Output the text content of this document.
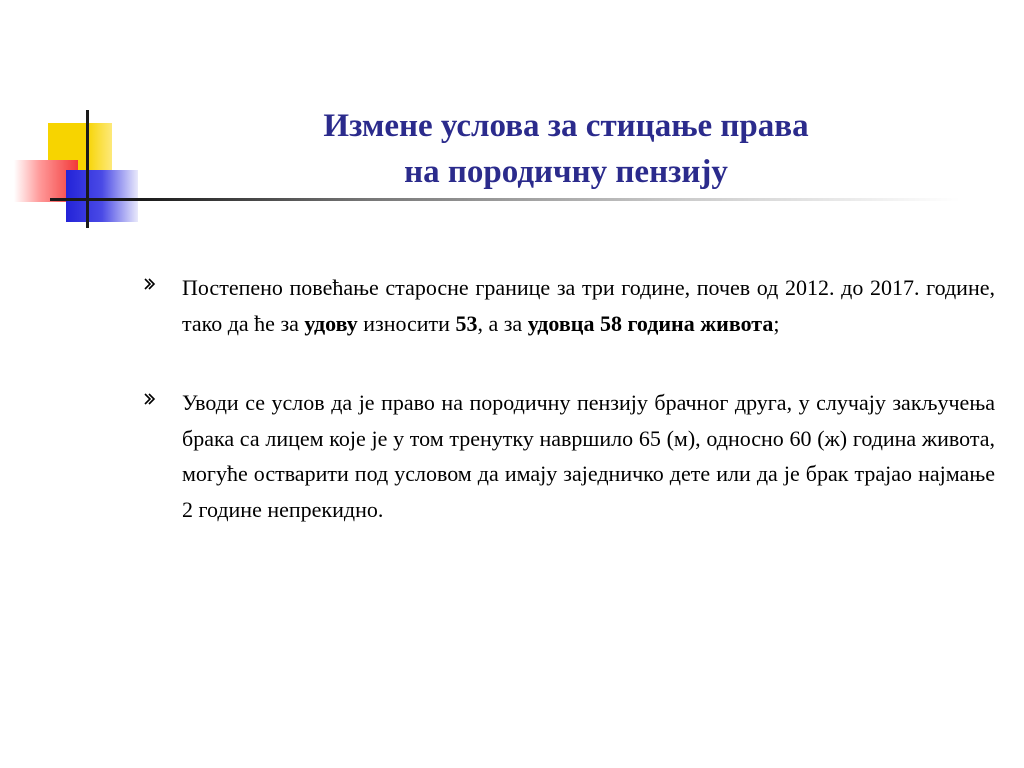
Измене услова за стицање права
на породичну пензију

Постепено повећање старосне границе за три године, почев од 2012. до 2017. године, тако да ће за удову износити 53, а за удовца 58 година живота;

Уводи се услов да је право на породичну пензију брачног друга, у случају закључења брака са лицем које је у том тренутку навршило 65 (м), односно 60 (ж) година живота, могуће остварити под условом да имају заједничко дете или да је брак трајао најмање 2 године непрекидно.
